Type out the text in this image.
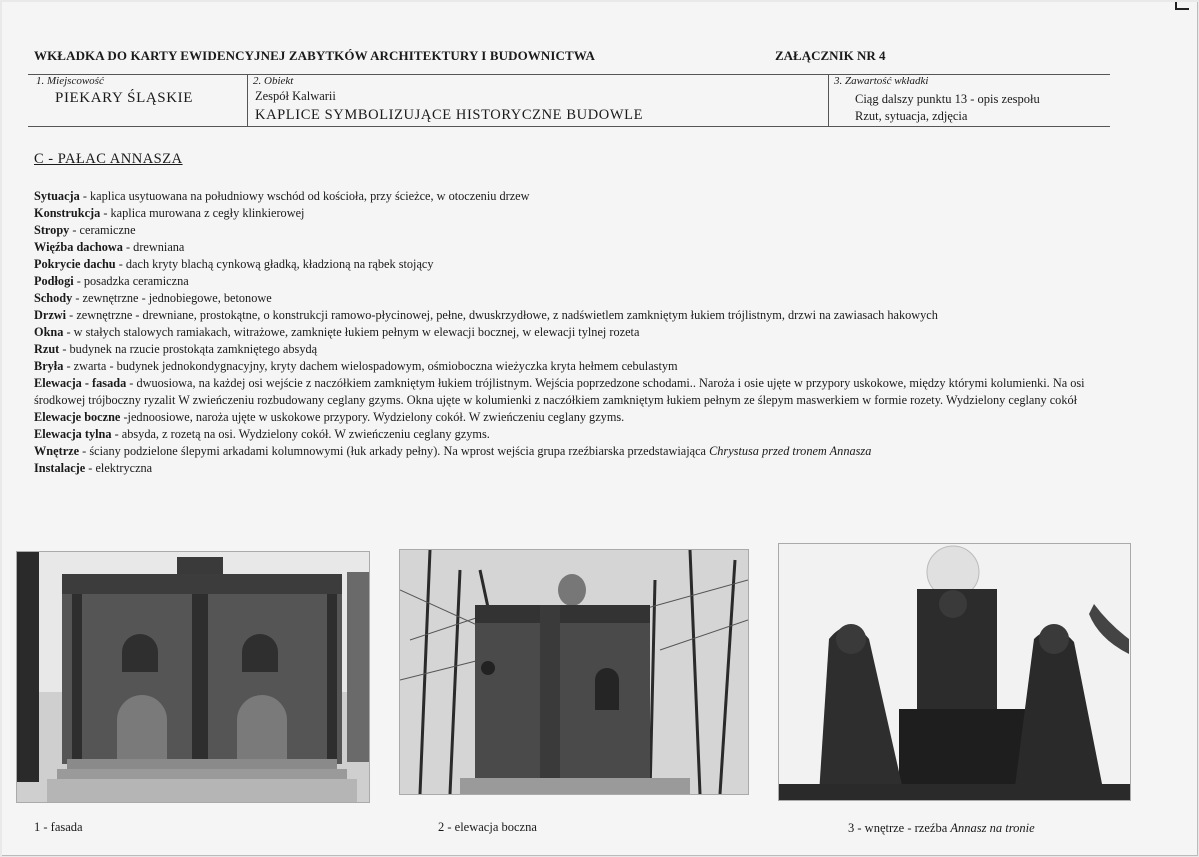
WKŁADKA DO KARTY EWIDENCYJNEJ ZABYTKÓW ARCHITEKTURY I BUDOWNICTWA	ZAŁĄCZNIK NR 4
1. Miejscowość
PIEKARY ŚLĄSKIE
2. Obiekt
Zespół Kalwarii
KAPLICE SYMBOLIZUJĄCE HISTORYCZNE BUDOWLE
3. Zawartość wkładki
Ciąg dalszy punktu 13 - opis zespołu
Rzut, sytuacja, zdjęcia
C - PAŁAC ANNASZA

Sytuacja - kaplica usytuowana na południowy wschód od kościoła, przy ścieżce, w otoczeniu drzew

Konstrukcja - kaplica murowana z cegły klinkierowej

Stropy - ceramiczne

Więźba dachowa - drewniana

Pokrycie dachu - dach kryty blachą cynkową gładką, kładzioną na rąbek stojący

Podłogi - posadzka ceramiczna

Schody - zewnętrzne - jednobiegowe, betonowe

Drzwi - zewnętrzne - drewniane, prostokątne, o konstrukcji ramowo-płycinowej, pełne, dwuskrzydłowe, z nadświetlem zamkniętym łukiem trójlistnym, drzwi na zawiasach hakowych

Okna - w stałych stalowych ramiakach, witrażowe, zamknięte łukiem pełnym w elewacji bocznej, w elewacji tylnej rozeta

Rzut - budynek na rzucie prostokąta zamkniętego absydą

Bryła - zwarta - budynek jednokondygnacyjny, kryty dachem wielospadowym, ośmioboczna wieżyczka kryta hełmem cebulastym

Elewacja - fasada - dwuosiowa, na każdej osi wejście z naczółkiem zamkniętym łukiem trójlistnym. Wejścia poprzedzone schodami.. Naroża i osie ujęte w przypory uskokowe, między którymi kolumienki. Na osi środkowej trójboczny ryzalit W zwieńczeniu rozbudowany ceglany gzyms. Okna ujęte w kolumienki z naczółkiem zamkniętym łukiem pełnym ze ślepym maswerkiem w formie rozety. Wydzielony ceglany cokół

Elewacje boczne -jednoosiowe, naroża ujęte w uskokowe przypory. Wydzielony cokół. W zwieńczeniu ceglany gzyms.

Elewacja tylna - absyda, z rozetą na osi. Wydzielony cokół. W zwieńczeniu ceglany gzyms.

Wnętrze - ściany podzielone ślepymi arkadami kolumnowymi (łuk arkady pełny). Na wprost wejścia grupa rzeźbiarska przedstawiająca Chrystusa przed tronem Annasza

Instalacje - elektryczna

1 - fasada	2 - elewacja boczna	3 - wnętrze - rzeźba Annasz na tronie
